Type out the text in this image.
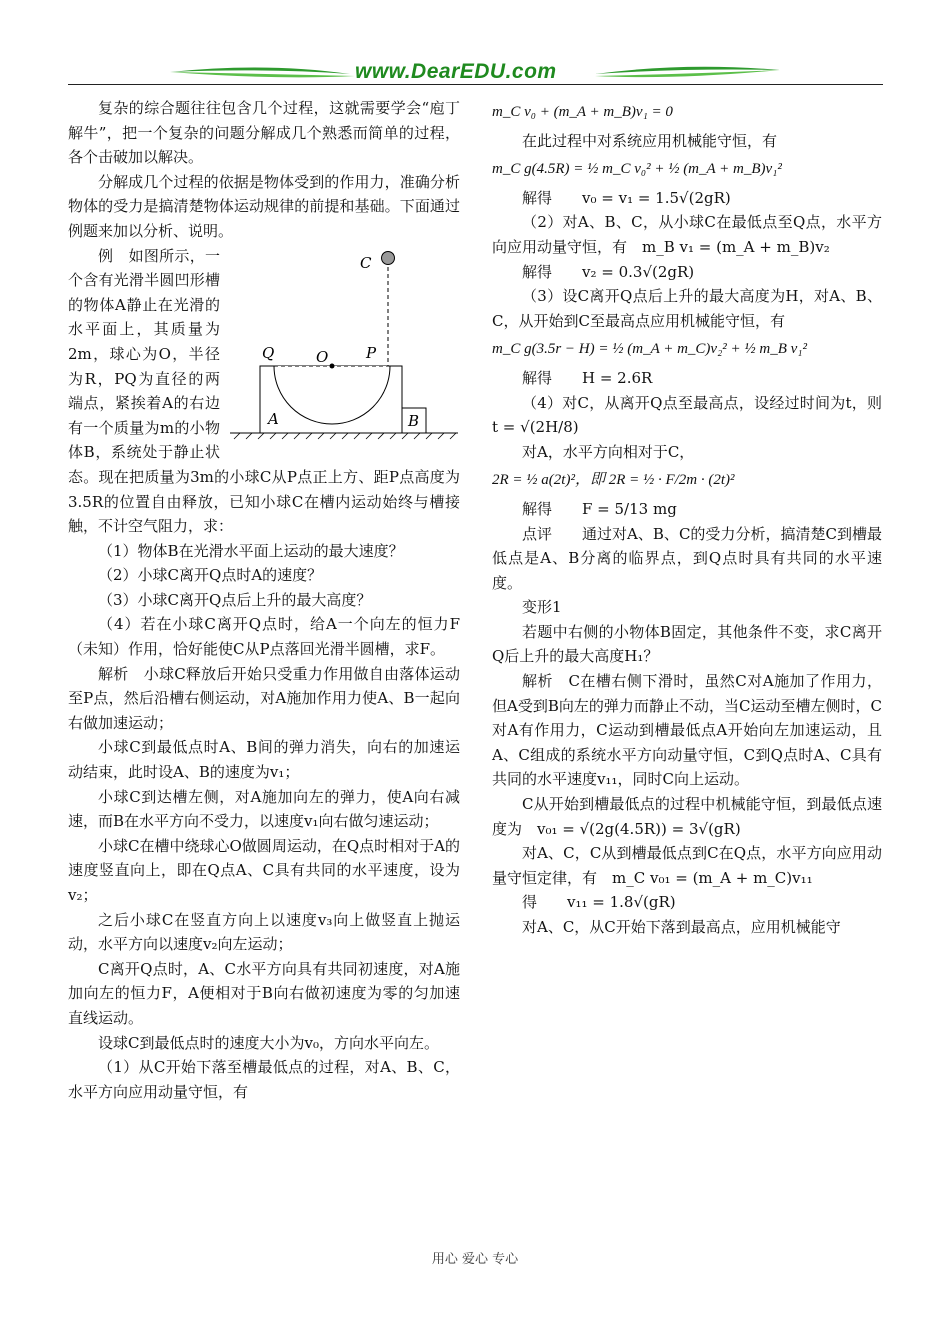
www.DearEDU.com

复杂的综合题往往包含几个过程，这就需要学会“庖丁解牛”，把一个复杂的问题分解成几个熟悉而简单的过程，各个击破加以解决。

分解成几个过程的依据是物体受到的作用力，准确分析物体的受力是搞清楚物体运动规律的前提和基础。下面通过例题来加以分析、说明。

C
Q	O	P
A	B

例　如图所示，一个含有光滑半圆凹形槽的物体A静止在光滑的水平面上，其质量为2m，球心为O，半径为R，PQ为直径的两端点，紧挨着A的右边有一个质量为m的小物体B，系统处于静止状态。现在把质量为3m的小球C从P点正上方、距P点高度为3.5R的位置自由释放，已知小球C在槽内运动始终与槽接触，不计空气阻力，求：

（1）物体B在光滑水平面上运动的最大速度？

（2）小球C离开Q点时A的速度？

（3）小球C离开Q点后上升的最大高度？

（4）若在小球C离开Q点时，给A一个向左的恒力F（未知）作用，恰好能使C从P点落回光滑半圆槽，求F。

解析　小球C释放后开始只受重力作用做自由落体运动至P点，然后沿槽右侧运动，对A施加作用力使A、B一起向右做加速运动；

小球C到最低点时A、B间的弹力消失，向右的加速运动结束，此时设A、B的速度为v₁；

小球C到达槽左侧，对A施加向左的弹力，使A向右减速，而B在水平方向不受力，以速度v₁向右做匀速运动；

小球C在槽中绕球心O做圆周运动，在Q点时相对于A的速度竖直向上，即在Q点A、C具有共同的水平速度，设为v₂；

之后小球C在竖直方向上以速度v₃向上做竖直上抛运动，水平方向以速度v₂向左运动；

C离开Q点时，A、C水平方向具有共同初速度，对A施加向左的恒力F，A便相对于B向右做初速度为零的匀加速直线运动。

设球C到最低点时的速度大小为v₀，方向水平向左。

（1）从C开始下落至槽最低点的过程，对A、B、C，水平方向应用动量守恒，有

m_C v₀ + (m_A + m_B)v₁ = 0

在此过程中对系统应用机械能守恒，有

m_C g(4.5R) = ½ m_C v₀² + ½ (m_A + m_B)v₁²

解得　　v₀ = v₁ = 1.5√(2gR)

（2）对A、B、C，从小球C在最低点至Q点，水平方向应用动量守恒，有　m_B v₁ = (m_A + m_B)v₂

解得　　v₂ = 0.3√(2gR)

（3）设C离开Q点后上升的最大高度为H，对A、B、C，从开始到C至最高点应用机械能守恒，有

m_C g(3.5r − H) = ½ (m_A + m_C)v₂² + ½ m_B v₁²

解得　　H = 2.6R

（4）对C，从离开Q点至最高点，设经过时间为t，则　　t = √(2H/8)

对A，水平方向相对于C，

2R = ½ a(2t)²，即 2R = ½ · F/2m · (2t)²

解得　　F = 5/13 mg

点评　　通过对A、B、C的受力分析，搞清楚C到槽最低点是A、B分离的临界点，到Q点时具有共同的水平速度。

变形1

若题中右侧的小物体B固定，其他条件不变，求C离开Q后上升的最大高度H₁？

解析　C在槽右侧下滑时，虽然C对A施加了作用力，但A受到B向左的弹力而静止不动，当C运动至槽左侧时，C对A有作用力，C运动到槽最低点A开始向左加速运动，且A、C组成的系统水平方向动量守恒，C到Q点时A、C具有共同的水平速度v₁₁，同时C向上运动。

C从开始到槽最低点的过程中机械能守恒，到最低点速度为　v₀₁ = √(2g(4.5R)) = 3√(gR)

对A、C，C从到槽最低点到C在Q点，水平方向应用动量守恒定律，有　m_C v₀₁ = (m_A + m_C)v₁₁

得　　v₁₁ = 1.8√(gR)

对A、C，从C开始下落到最高点，应用机械能守

用心 爱心 专心
